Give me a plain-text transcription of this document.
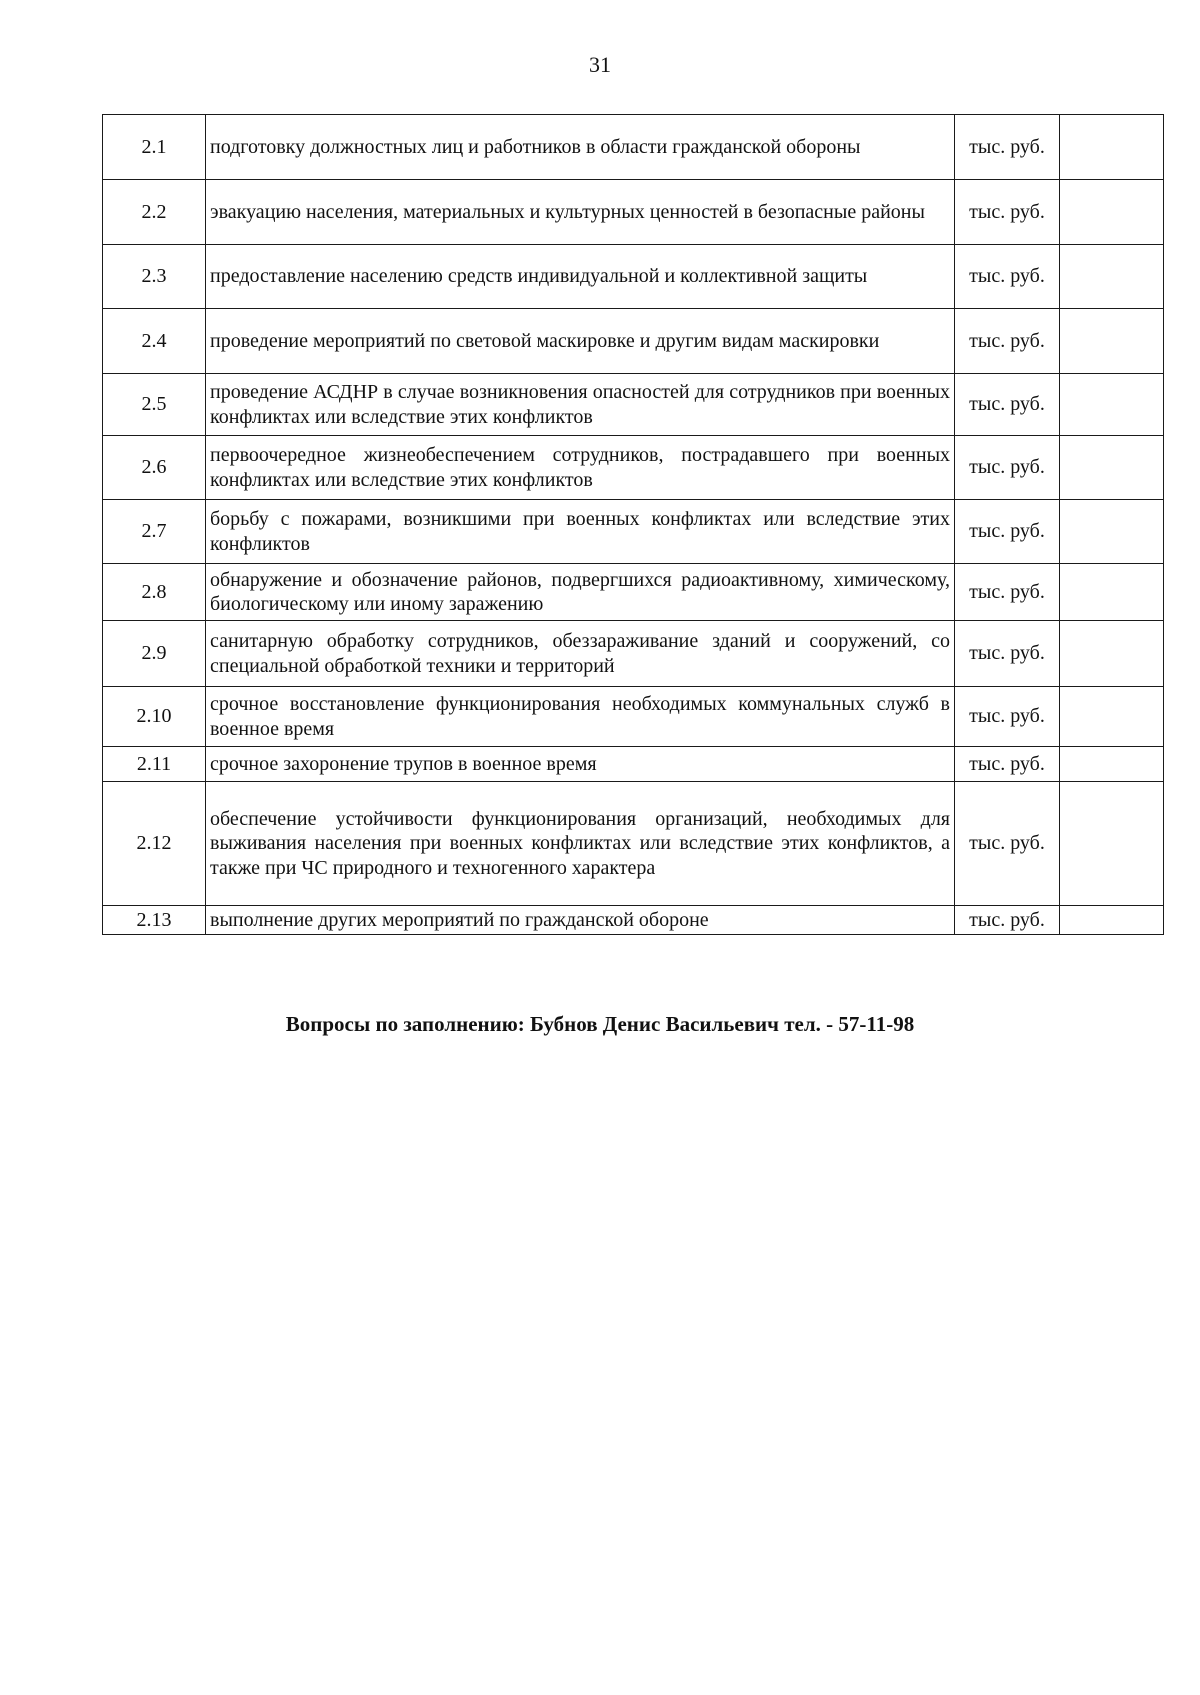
31
2.1	подготовку должностных лиц и работников в области гражданской обороны	тыс. руб.	
2.2	эвакуацию населения, материальных и культурных ценностей в безопасные районы	тыс. руб.	
2.3	предоставление населению средств индивидуальной и коллективной защиты	тыс. руб.	
2.4	проведение мероприятий по световой маскировке и другим видам маскировки	тыс. руб.	
2.5	проведение АСДНР в случае возникновения опасностей для сотрудников при военных конфликтах или вследствие этих конфликтов	тыс. руб.	
2.6	первоочередное жизнеобеспечением сотрудников, пострадавшего при военных конфликтах или вследствие этих конфликтов	тыс. руб.	
2.7	борьбу с пожарами, возникшими при военных конфликтах или вследствие этих конфликтов	тыс. руб.	
2.8	обнаружение и обозначение районов, подвергшихся радиоактивному, химическому, биологическому или иному заражению	тыс. руб.	
2.9	санитарную обработку сотрудников, обеззараживание зданий и сооружений, со специальной обработкой техники и территорий	тыс. руб.	
2.10	срочное восстановление функционирования необходимых коммунальных служб в военное время	тыс. руб.	
2.11	срочное захоронение трупов в военное время	тыс. руб.	
2.12	обеспечение устойчивости функционирования организаций, необходимых для выживания населения при военных конфликтах или вследствие этих конфликтов, а также при ЧС природного и техногенного характера	тыс. руб.	
2.13	выполнение других мероприятий по гражданской обороне	тыс. руб.	
Вопросы по заполнению: Бубнов Денис Васильевич тел. - 57-11-98
